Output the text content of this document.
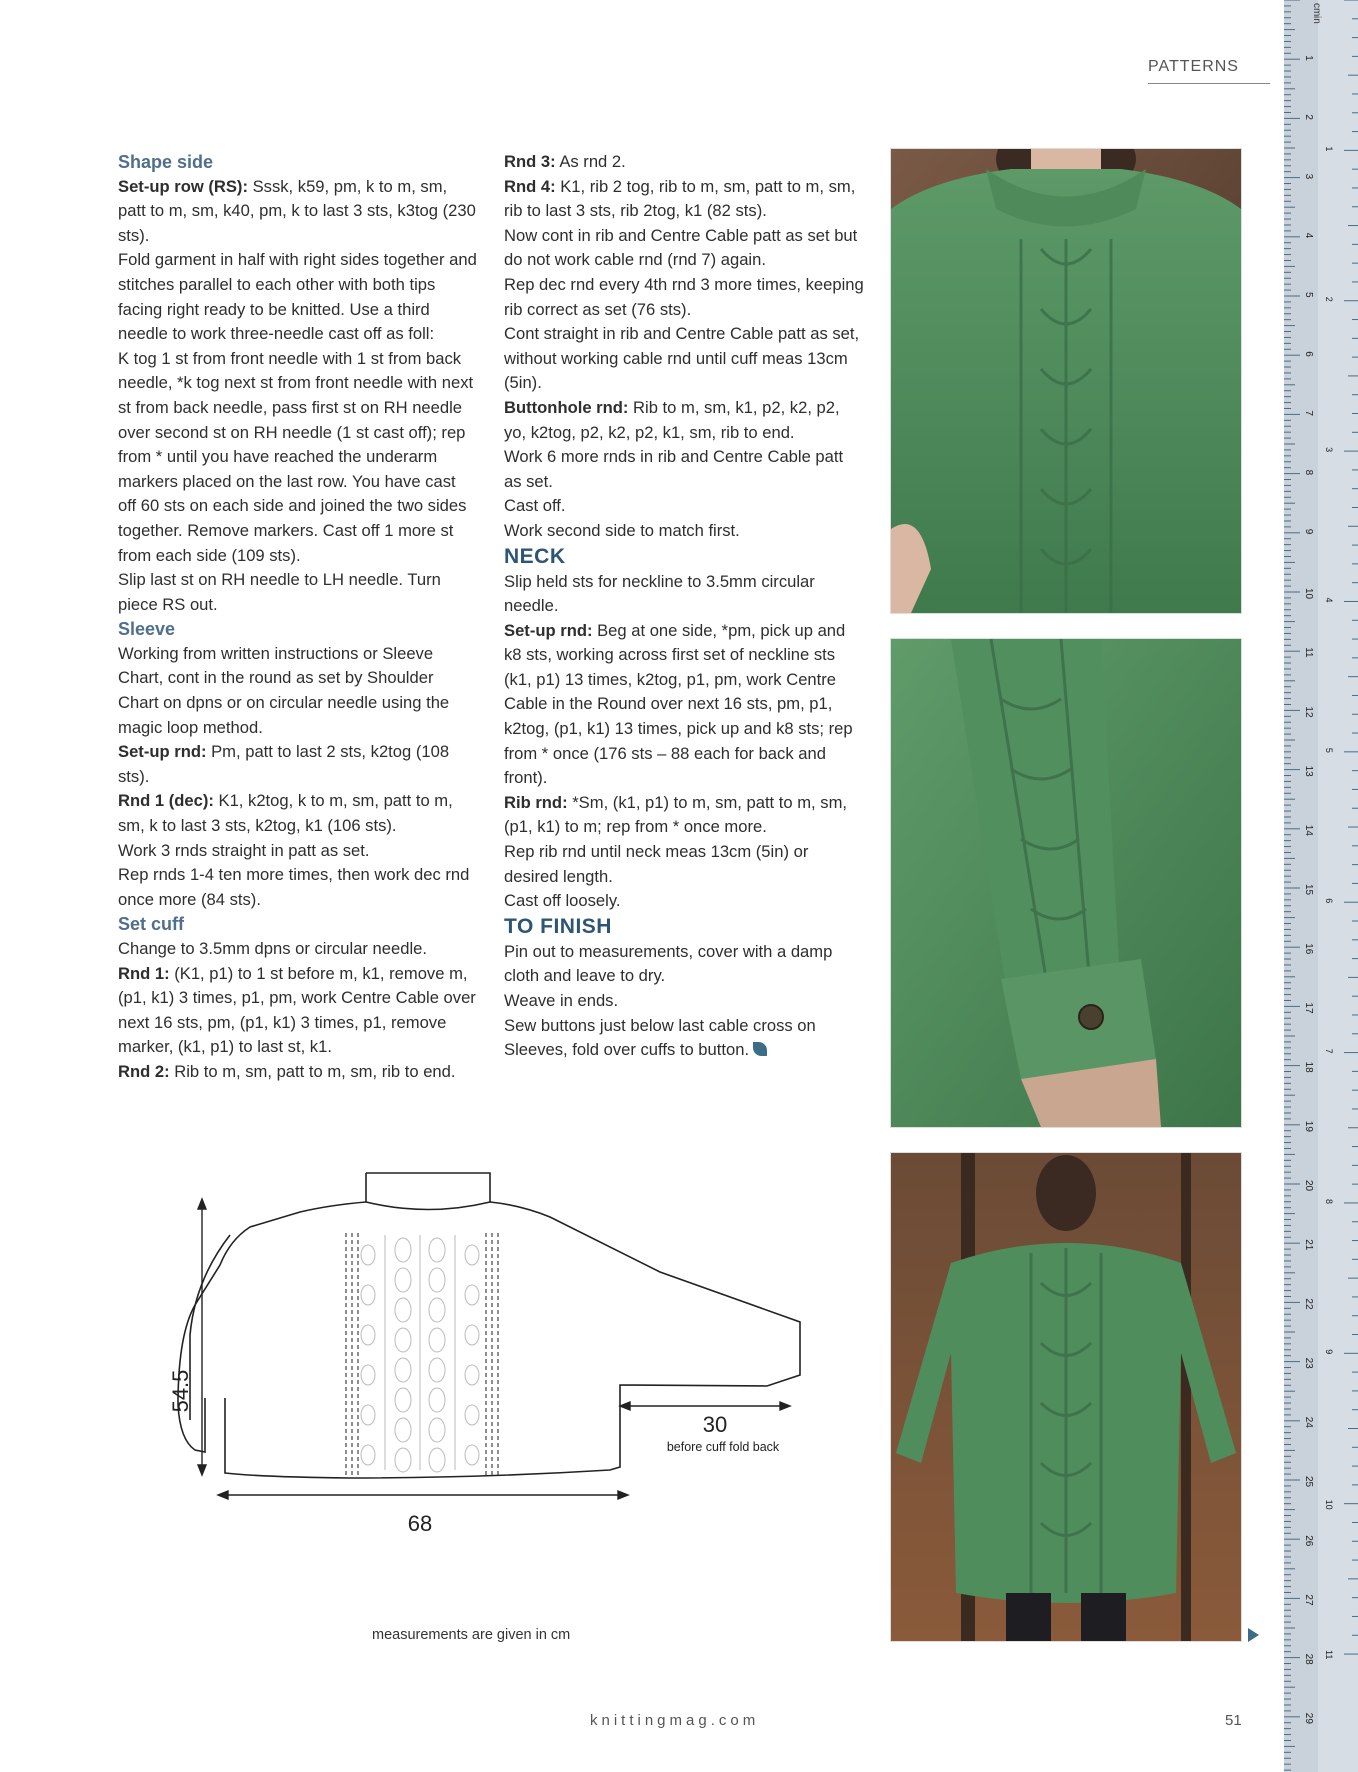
PATTERNS

Shape side

Set-up row (RS): Sssk, k59, pm, k to m, sm, patt to m, sm, k40, pm, k to last 3 sts, k3tog (230 sts).

Fold garment in half with right sides together and stitches parallel to each other with both tips facing right ready to be knitted. Use a third needle to work three-needle cast off as foll:

K tog 1 st from front needle with 1 st from back needle, *k tog next st from front needle with next st from back needle, pass first st on RH needle over second st on RH needle (1 st cast off); rep from * until you have reached the underarm markers placed on the last row. You have cast off 60 sts on each side and joined the two sides together. Remove markers. Cast off 1 more st from each side (109 sts).

Slip last st on RH needle to LH needle. Turn piece RS out.

Sleeve

Working from written instructions or Sleeve Chart, cont in the round as set by Shoulder Chart on dpns or on circular needle using the magic loop method.

Set-up rnd: Pm, patt to last 2 sts, k2tog (108 sts).

Rnd 1 (dec): K1, k2tog, k to m, sm, patt to m, sm, k to last 3 sts, k2tog, k1 (106 sts).

Work 3 rnds straight in patt as set.

Rep rnds 1-4 ten more times, then work dec rnd once more (84 sts).

Set cuff

Change to 3.5mm dpns or circular needle.

Rnd 1: (K1, p1) to 1 st before m, k1, remove m, (p1, k1) 3 times, p1, pm, work Centre Cable over next 16 sts, pm, (p1, k1) 3 times, p1, remove marker, (k1, p1) to last st, k1.

Rnd 2: Rib to m, sm, patt to m, sm, rib to end.

Rnd 3: As rnd 2.

Rnd 4: K1, rib 2 tog, rib to m, sm, patt to m, sm, rib to last 3 sts, rib 2tog, k1 (82 sts).

Now cont in rib and Centre Cable patt as set but do not work cable rnd (rnd 7) again.

Rep dec rnd every 4th rnd 3 more times, keeping rib correct as set (76 sts).

Cont straight in rib and Centre Cable patt as set, without working cable rnd until cuff meas 13cm (5in).

Buttonhole rnd: Rib to m, sm, k1, p2, k2, p2, yo, k2tog, p2, k2, p2, k1, sm, rib to end.

Work 6 more rnds in rib and Centre Cable patt as set.

Cast off.

Work second side to match first.

NECK

Slip held sts for neckline to 3.5mm circular needle.

Set-up rnd: Beg at one side, *pm, pick up and k8 sts, working across first set of neckline sts (k1, p1) 13 times, k2tog, p1, pm, work Centre Cable in the Round over next 16 sts, pm, p1, k2tog, (p1, k1) 13 times, pick up and k8 sts; rep from * once (176 sts – 88 each for back and front).

Rib rnd: *Sm, (k1, p1) to m, sm, patt to m, sm, (p1, k1) to m; rep from * once more.

Rep rib rnd until neck meas 13cm (5in) or desired length.

Cast off loosely.

TO FINISH

Pin out to measurements, cover with a damp cloth and leave to dry.

Weave in ends.

Sew buttons just below last cable cross on Sleeves, fold over cuffs to button.

54.5
68
30
before cuff fold back
measurements are given in cm
in
cm
1
2
3
4
5
6
7
8
9
10
11
12
13
14
15
16
17
18
19
20
21
22
23
24
25
26
27
28
29
1
2
3
4
5
6
7
8
9
10
11
knittingmag.com	51
